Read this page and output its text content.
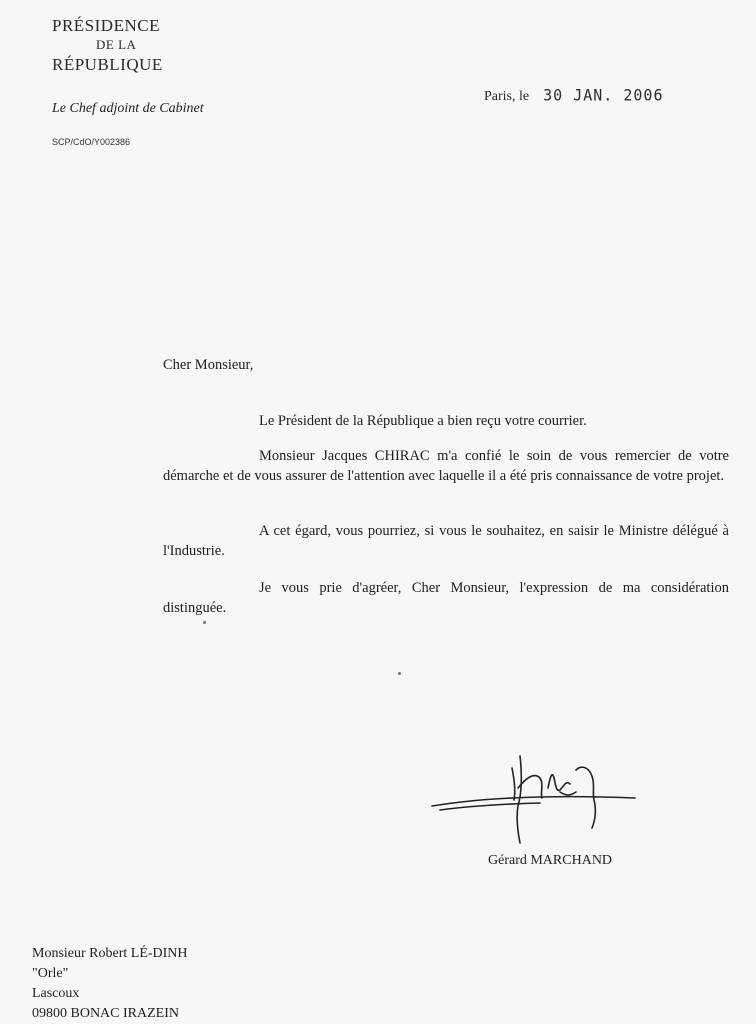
PRÉSIDENCE
DE LA
RÉPUBLIQUE
Le Chef adjoint de Cabinet
SCP/CdO/Y002386
Paris, le 30 JAN. 2006
Cher Monsieur,
Le Président de la République a bien reçu votre courrier.
Monsieur Jacques CHIRAC m'a confié le soin de vous remercier de votre démarche et de vous assurer de l'attention avec laquelle il a été pris connaissance de votre projet.
A cet égard, vous pourriez, si vous le souhaitez, en saisir le Ministre délégué à l'Industrie.
Je vous prie d'agréer, Cher Monsieur, l'expression de ma considération distinguée.
Gérard MARCHAND
Monsieur Robert LÉ-DINH
"Orle"
Lascoux
09800 BONAC IRAZEIN
